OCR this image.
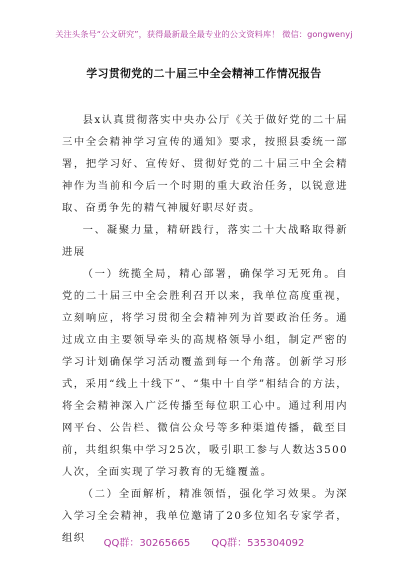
关注头条号“公文研究”，获得最新最全最专业的公文资料库！ 微信：gongwenyj
学习贯彻党的二十届三中全会精神工作情况报告

县x认真贯彻落实中央办公厅《关于做好党的二十届三中全会精神学习宣传的通知》要求，按照县委统一部署，把学习好、宣传好、贯彻好党的二十届三中全会精神作为当前和今后一个时期的重大政治任务，以锐意进取、奋勇争先的精气神履好职尽好责。

一、凝聚力量，精研践行，落实二十大战略取得新进展

（一）统揽全局，精心部署，确保学习无死角。自党的二十届三中全会胜利召开以来，我单位高度重视，立刻响应，将学习贯彻全会精神列为首要政治任务。通过成立由主要领导牵头的高规格领导小组，制定严密的学习计划确保学习活动覆盖到每一个角落。创新学习形式，采用“线上十线下”、“集中十自学”相结合的方法，将全会精神深入广泛传播至每位职工心中。通过利用内网平台、公告栏、微信公众号等多种渠道传播，截至目前，共组织集中学习25次，吸引职工参与人数达3500人次，全面实现了学习教育的无缝覆盖。

（二）全面解析，精准领悟，强化学习效果。为深入学习全会精神，我单位邀请了20多位知名专家学者，组织	QQ群：30265665 QQ群：535304092
